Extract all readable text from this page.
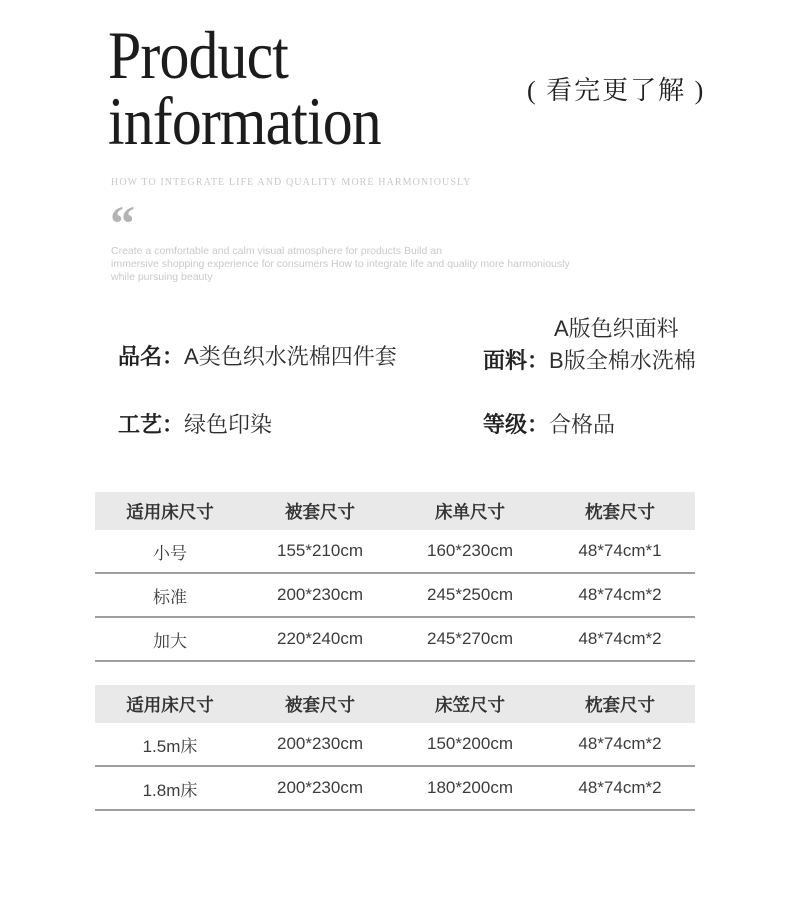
Product
information	( 看完更了解 )
HOW TO INTEGRATE LIFE AND QUALITY MORE HARMONIOUSLY
“
Create a comfortable and calm visual atmosphere for products Build an
immersive shopping experience for consumers How to integrate life and quality more harmoniously
while pursuing beauty
品名：A类色织水洗棉四件套
A版色织面料
面料：B版全棉水洗棉
工艺：绿色印染	等级：合格品
适用床尺寸	被套尺寸	床单尺寸	枕套尺寸
小号	155*210cm	160*230cm	48*74cm*1
标准	200*230cm	245*250cm	48*74cm*2
加大	220*240cm	245*270cm	48*74cm*2
适用床尺寸	被套尺寸	床笠尺寸	枕套尺寸
1.5m床	200*230cm	150*200cm	48*74cm*2
1.8m床	200*230cm	180*200cm	48*74cm*2
